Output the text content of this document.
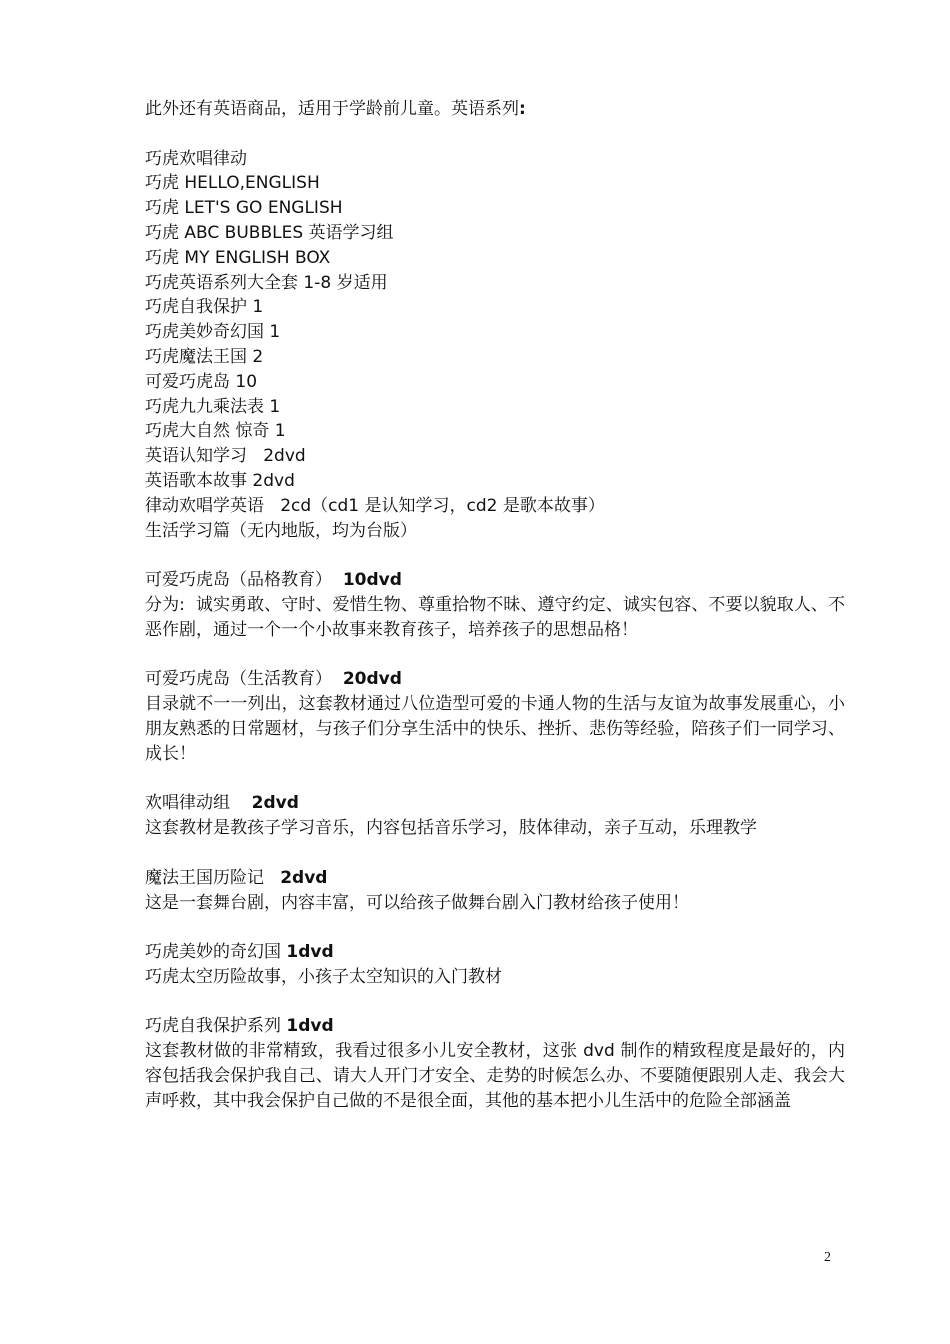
此外还有英语商品，适用于学龄前儿童。英语系列:

巧虎欢唱律动

巧虎 HELLO,ENGLISH

巧虎 LET'S GO ENGLISH

巧虎 ABC BUBBLES 英语学习组

巧虎 MY ENGLISH BOX

巧虎英语系列大全套 1-8 岁适用

巧虎自我保护 1

巧虎美妙奇幻国 1

巧虎魔法王国 2

可爱巧虎岛 10

巧虎九九乘法表 1

巧虎大自然 惊奇 1

英语认知学习   2dvd

英语歌本故事 2dvd

律动欢唱学英语   2cd（cd1 是认知学习，cd2 是歌本故事）

生活学习篇（无内地版，均为台版）

可爱巧虎岛（品格教育）  10dvd

分为:  诚实勇敢、守时、爱惜生物、尊重拾物不昧、遵守约定、诚实包容、不要以貌取人、不恶作剧，通过一个一个小故事来教育孩子，培养孩子的思想品格！

可爱巧虎岛（生活教育）  20dvd

目录就不一一列出，这套教材通过八位造型可爱的卡通人物的生活与友谊为故事发展重心，小朋友熟悉的日常题材，与孩子们分享生活中的快乐、挫折、悲伤等经验，陪孩子们一同学习、成长！

欢唱律动组    2dvd

这套教材是教孩子学习音乐，内容包括音乐学习，肢体律动，亲子互动，乐理教学

魔法王国历险记   2dvd

这是一套舞台剧，内容丰富，可以给孩子做舞台剧入门教材给孩子使用！

巧虎美妙的奇幻国 1dvd

巧虎太空历险故事，小孩子太空知识的入门教材

巧虎自我保护系列 1dvd

这套教材做的非常精致，我看过很多小儿安全教材，这张 dvd 制作的精致程度是最好的，内容包括我会保护我自己、请大人开门才安全、走势的时候怎么办、不要随便跟别人走、我会大声呼救，其中我会保护自己做的不是很全面，其他的基本把小儿生活中的危险全部涵盖

2
